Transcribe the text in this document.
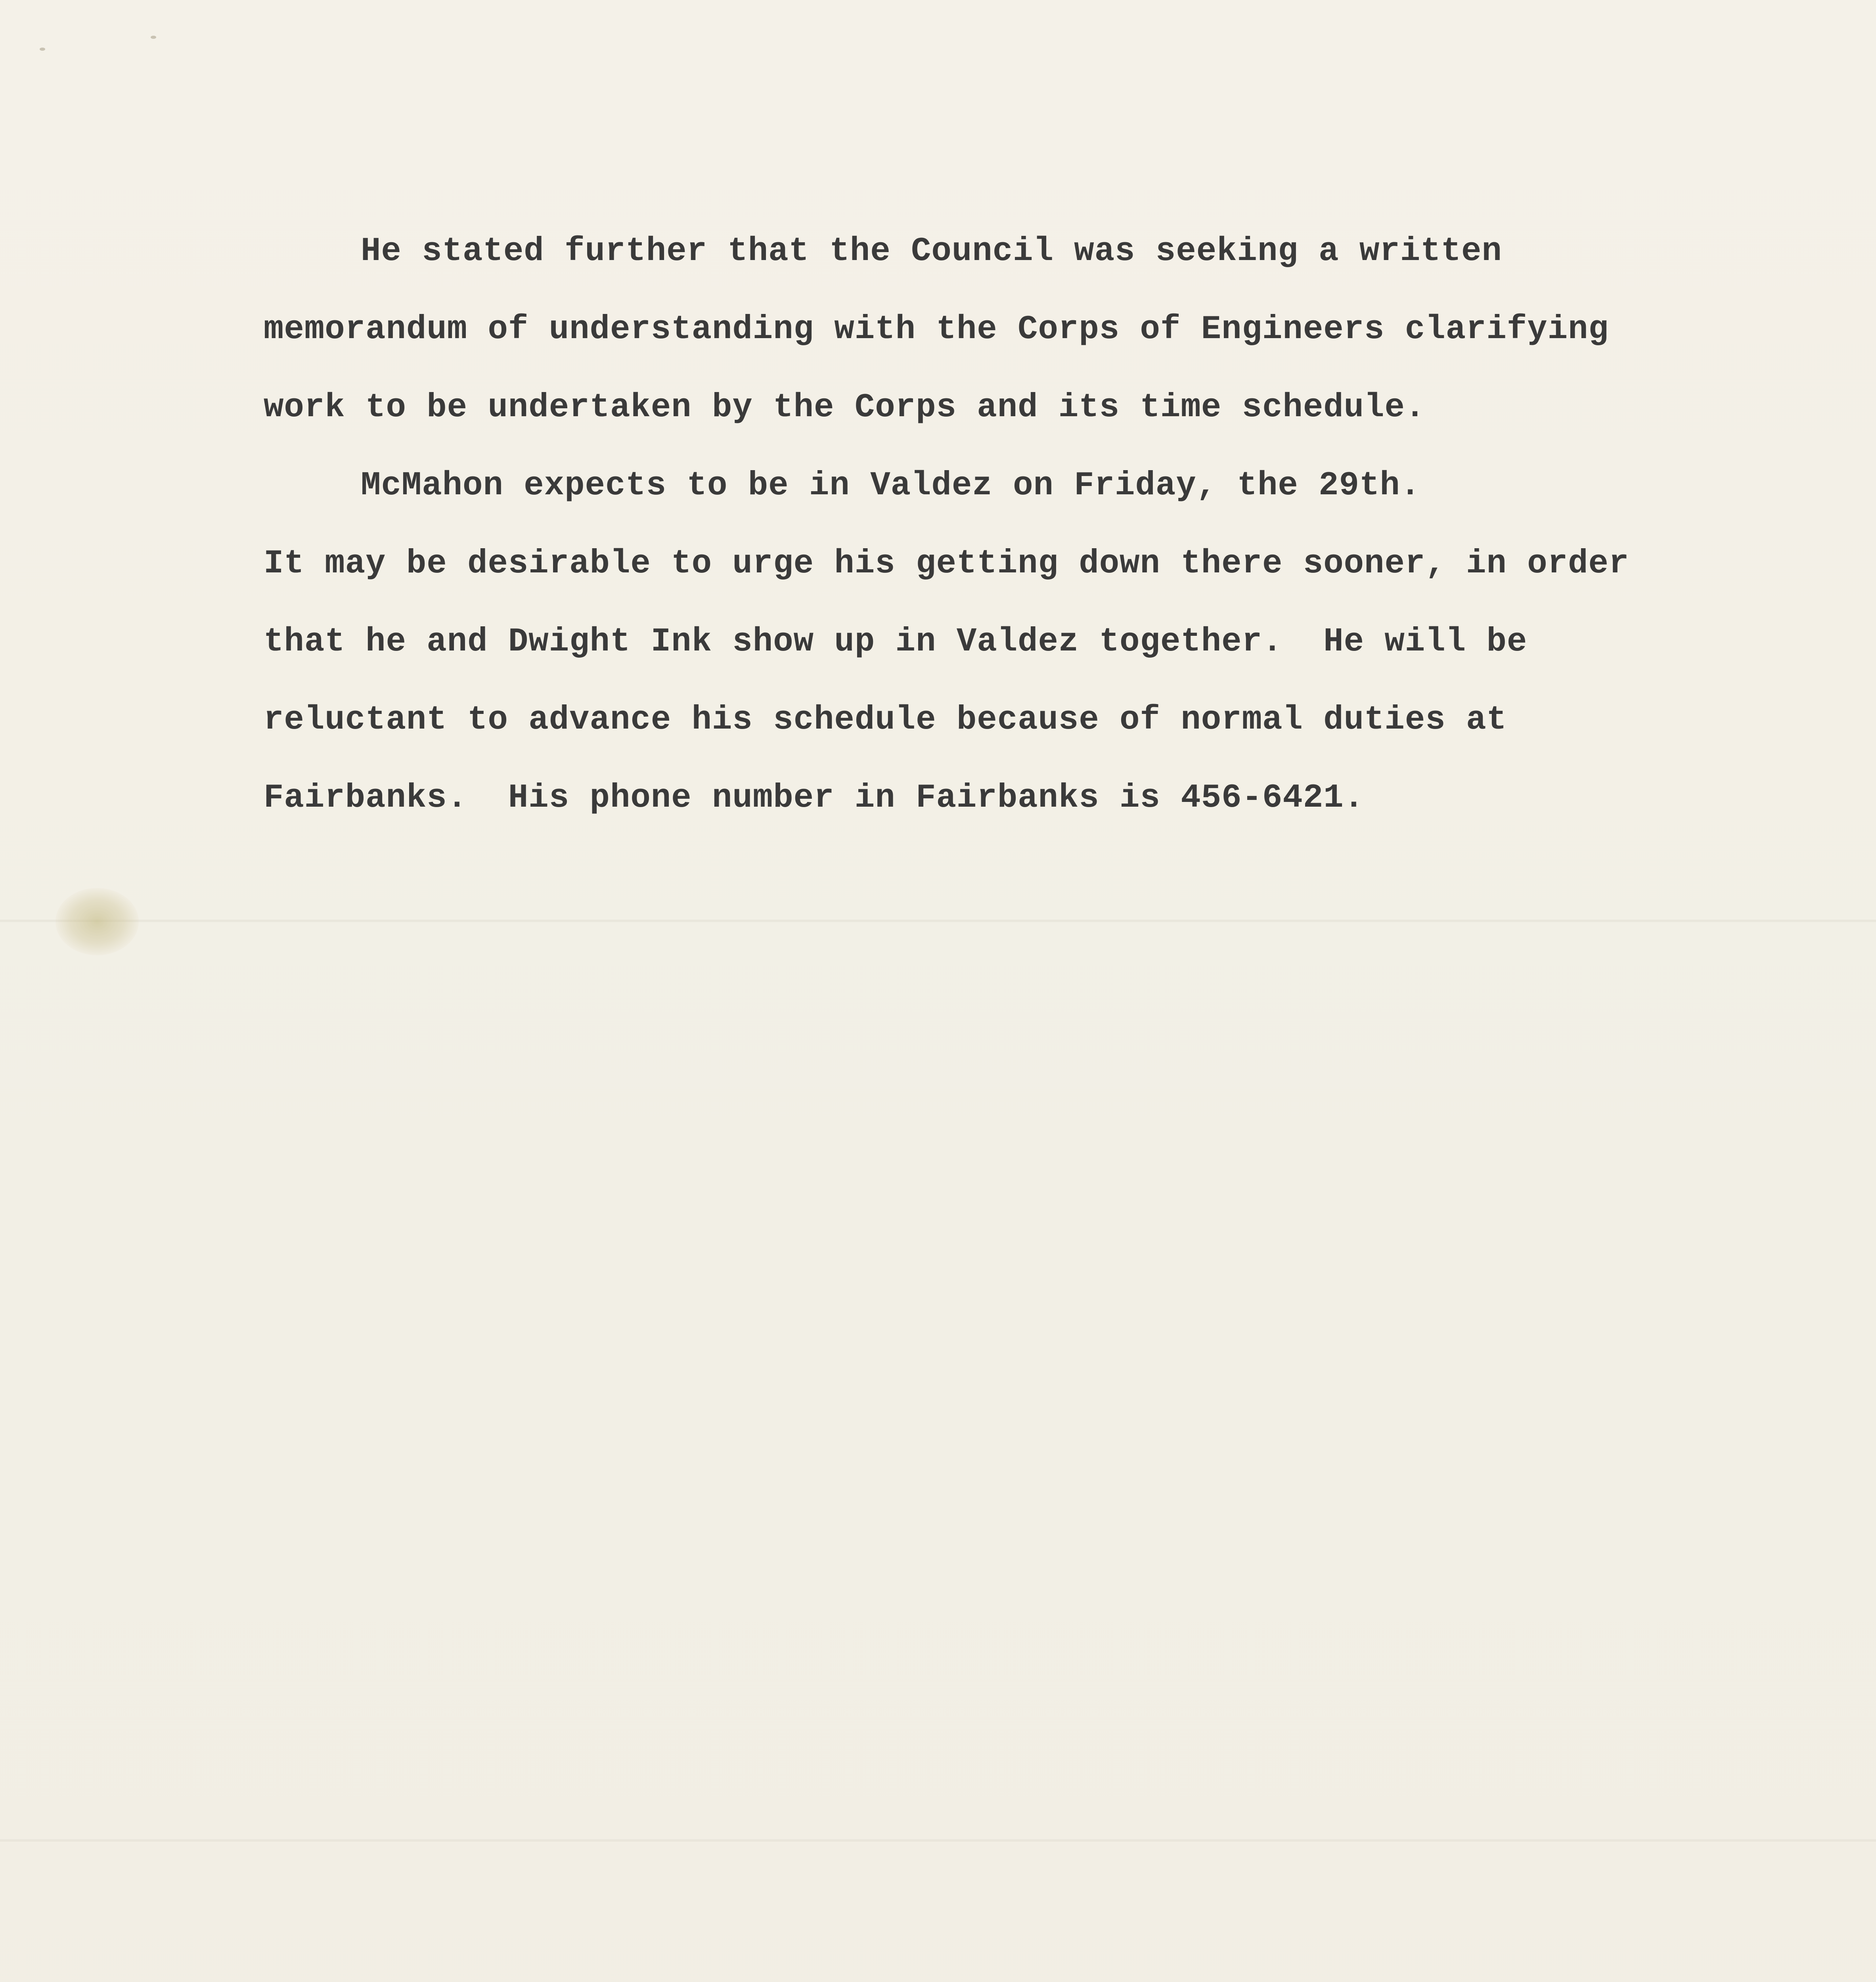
He stated further that the Council was seeking a written
memorandum of understanding with the Corps of Engineers clarifying
work to be undertaken by the Corps and its time schedule.
McMahon expects to be in Valdez on Friday, the 29th.
It may be desirable to urge his getting down there sooner, in order
that he and Dwight Ink show up in Valdez together.  He will be
reluctant to advance his schedule because of normal duties at
Fairbanks.  His phone number in Fairbanks is 456-6421.
